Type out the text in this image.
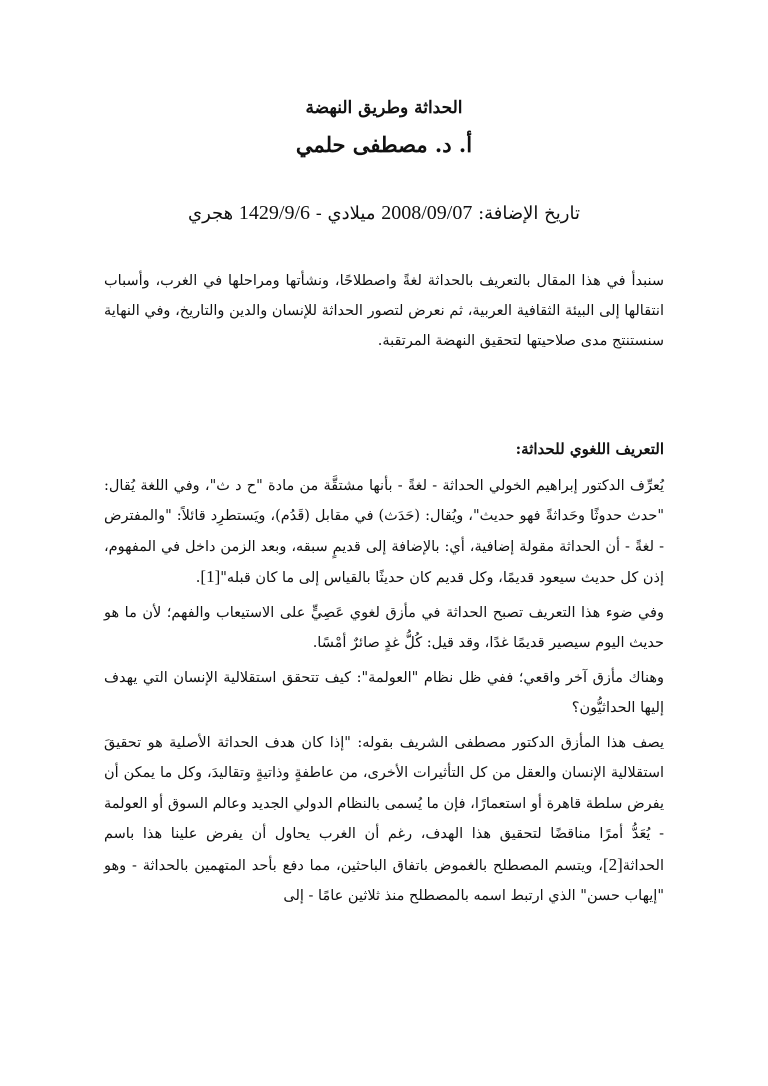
الحداثة وطريق النهضة
أ. د. مصطفى حلمي
تاريخ الإضافة: 2008/09/07 ميلادي - 1429/9/6 هجري

سنبدأ في هذا المقال بالتعريف بالحداثة لغةً واصطلاحًا، ونشأتها ومراحلها في الغرب، وأسباب انتقالها إلى البيئة الثقافية العربية، ثم نعرض لتصور الحداثة للإنسان والدين والتاريخ، وفي النهاية سنستنتج مدى صلاحيتها لتحقيق النهضة المرتقبة.

التعريف اللغوي للحداثة:

يُعرِّف الدكتور إبراهيم الخولي الحداثة - لغةً - بأنها مشتقَّة من مادة "ح د ث"، وفي اللغة يُقال: "حدث حدوثًا وحَداثةً فهو حديث"، ويُقال: (حَدَث) في مقابل (قَدُم)، ويَستطرِد قائلاً: "والمفترض - لغةً - أن الحداثة مقولة إضافية، أي: بالإضافة إلى قديمٍ سبقه، وبعد الزمن داخل في المفهوم، إذن كل حديث سيعود قديمًا، وكل قديم كان حديثًا بالقياس إلى ما كان قبله"[1].

وفي ضوء هذا التعريف تصبح الحداثة في مأزق لغوي عَصِيٍّ على الاستيعاب والفهم؛ لأن ما هو حديث اليوم سيصير قديمًا غدًا، وقد قيل: كُلُّ غدٍ صائرٌ أمْسًا.

وهناك مأزق آخر واقعي؛ ففي ظل نظام "العولمة": كيف تتحقق استقلالية الإنسان التي يهدف إليها الحداثيُّون؟

يصف هذا المأزق الدكتور مصطفى الشريف بقوله: "إذا كان هدف الحداثة الأصلية هو تحقيقَ استقلالية الإنسان والعقل من كل التأثيرات الأخرى، من عاطفةٍ وذاتيةٍ وتقاليدَ، وكل ما يمكن أن يفرض سلطة قاهرة أو استعمارًا، فإن ما يُسمى بالنظام الدولي الجديد وعالم السوق أو العولمة - يُعَدُّ أمرًا مناقضًا لتحقيق هذا الهدف، رغم أن الغرب يحاول أن يفرض علينا هذا باسم الحداثة[2]، ويتسم المصطلح بالغموض باتفاق الباحثين، مما دفع بأحد المتهمين بالحداثة - وهو "إيهاب حسن" الذي ارتبط اسمه بالمصطلح منذ ثلاثين عامًا - إلى
